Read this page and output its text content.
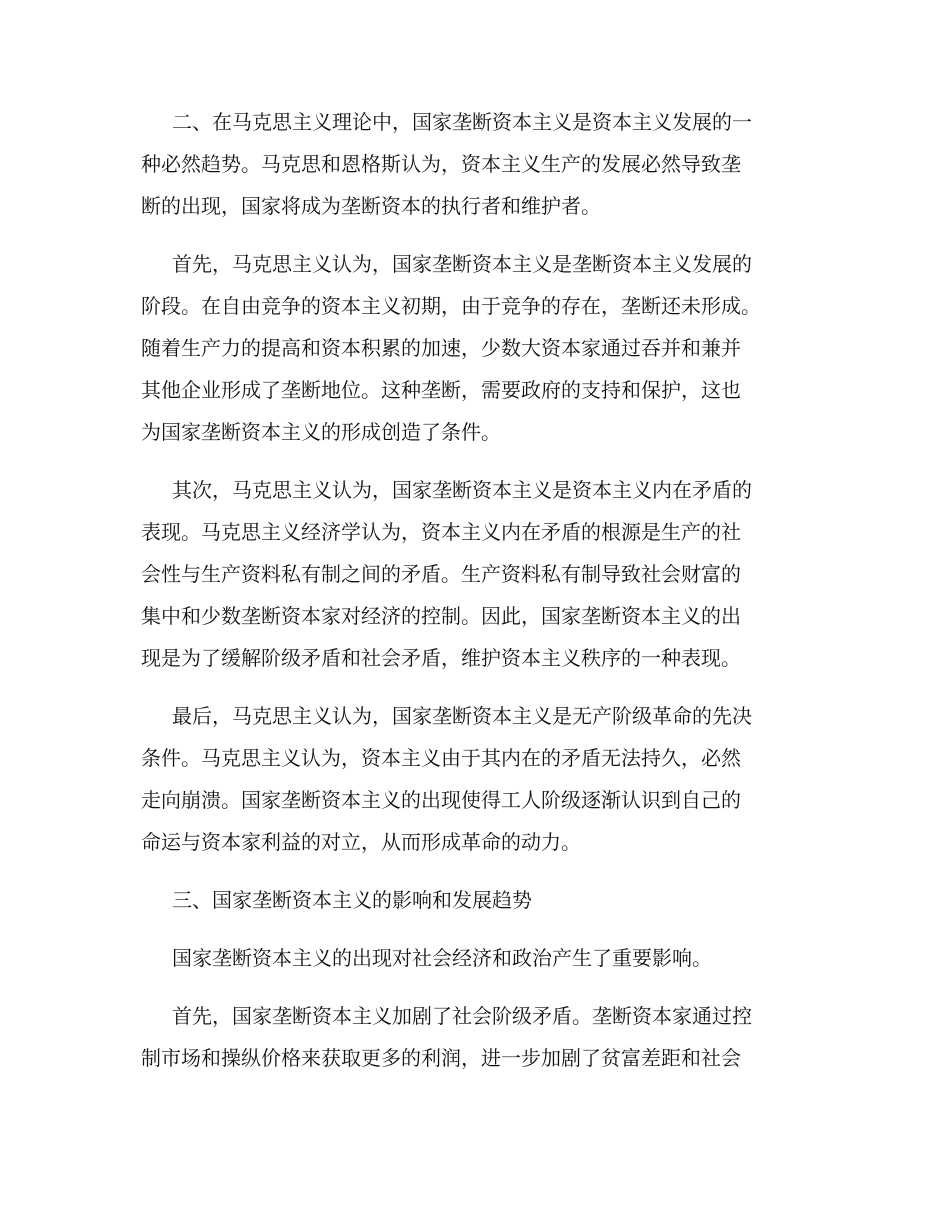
二、在马克思主义理论中，国家垄断资本主义是资本主义发展的一
种必然趋势。马克思和恩格斯认为，资本主义生产的发展必然导致垄
断的出现，国家将成为垄断资本的执行者和维护者。
首先，马克思主义认为，国家垄断资本主义是垄断资本主义发展的
阶段。在自由竞争的资本主义初期，由于竞争的存在，垄断还未形成。
随着生产力的提高和资本积累的加速，少数大资本家通过吞并和兼并
其他企业形成了垄断地位。这种垄断，需要政府的支持和保护，这也
为国家垄断资本主义的形成创造了条件。
其次，马克思主义认为，国家垄断资本主义是资本主义内在矛盾的
表现。马克思主义经济学认为，资本主义内在矛盾的根源是生产的社
会性与生产资料私有制之间的矛盾。生产资料私有制导致社会财富的
集中和少数垄断资本家对经济的控制。因此，国家垄断资本主义的出
现是为了缓解阶级矛盾和社会矛盾，维护资本主义秩序的一种表现。
最后，马克思主义认为，国家垄断资本主义是无产阶级革命的先决
条件。马克思主义认为，资本主义由于其内在的矛盾无法持久，必然
走向崩溃。国家垄断资本主义的出现使得工人阶级逐渐认识到自己的
命运与资本家利益的对立，从而形成革命的动力。
三、国家垄断资本主义的影响和发展趋势
国家垄断资本主义的出现对社会经济和政治产生了重要影响。
首先，国家垄断资本主义加剧了社会阶级矛盾。垄断资本家通过控
制市场和操纵价格来获取更多的利润，进一步加剧了贫富差距和社会
